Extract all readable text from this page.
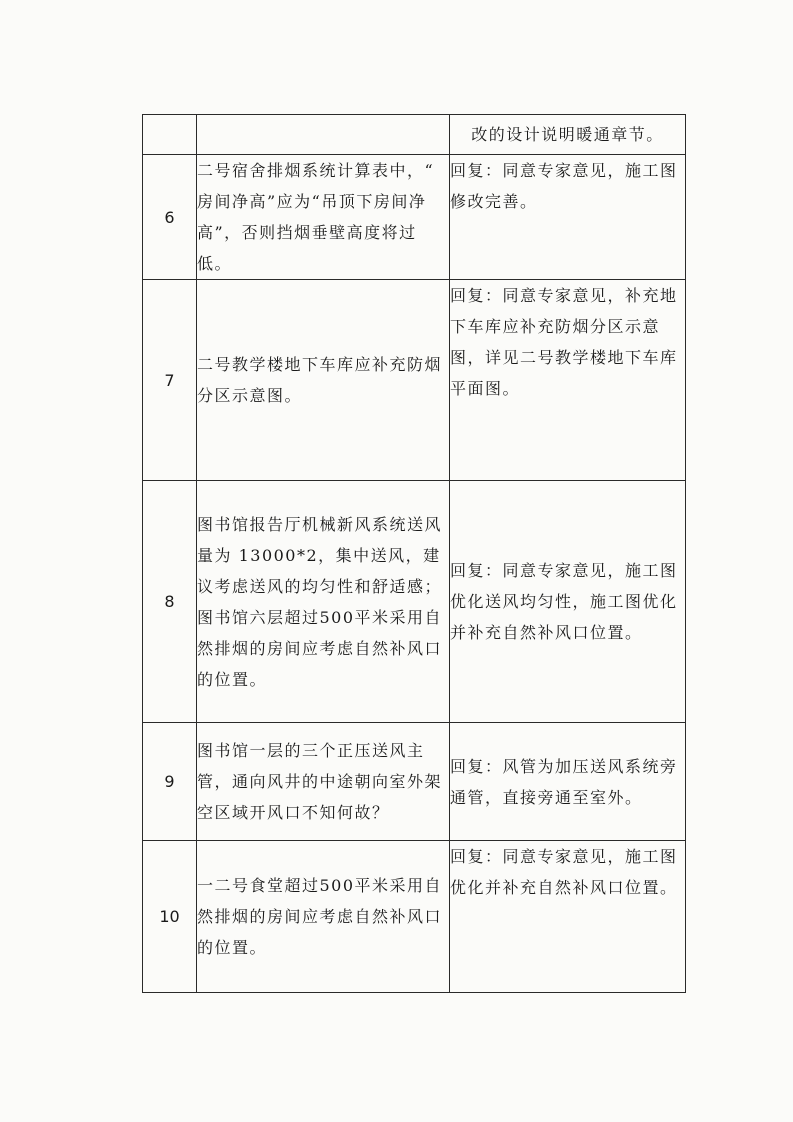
		改的设计说明暖通章节。
6	二号宿舍排烟系统计算表中，“ 房间净高”应为“吊顶下房间净高”，否则挡烟垂壁高度将过低。	回复：同意专家意见，施工图修改完善。
7	二号教学楼地下车库应补充防烟分区示意图。	回复：同意专家意见，补充地下车库应补充防烟分区示意图，详见二号教学楼地下车库平面图。
8	图书馆报告厅机械新风系统送风量为 13000*2，集中送风，建议考虑送风的均匀性和舒适感；图书馆六层超过500平米采用自然排烟的房间应考虑自然补风口的位置。	回复：同意专家意见，施工图优化送风均匀性，施工图优化并补充自然补风口位置。
9	图书馆一层的三个正压送风主管，通向风井的中途朝向室外架空区域开风口不知何故？	回复：风管为加压送风系统旁通管，直接旁通至室外。
10	一二号食堂超过500平米采用自然排烟的房间应考虑自然补风口的位置。	回复：同意专家意见，施工图优化并补充自然补风口位置。
